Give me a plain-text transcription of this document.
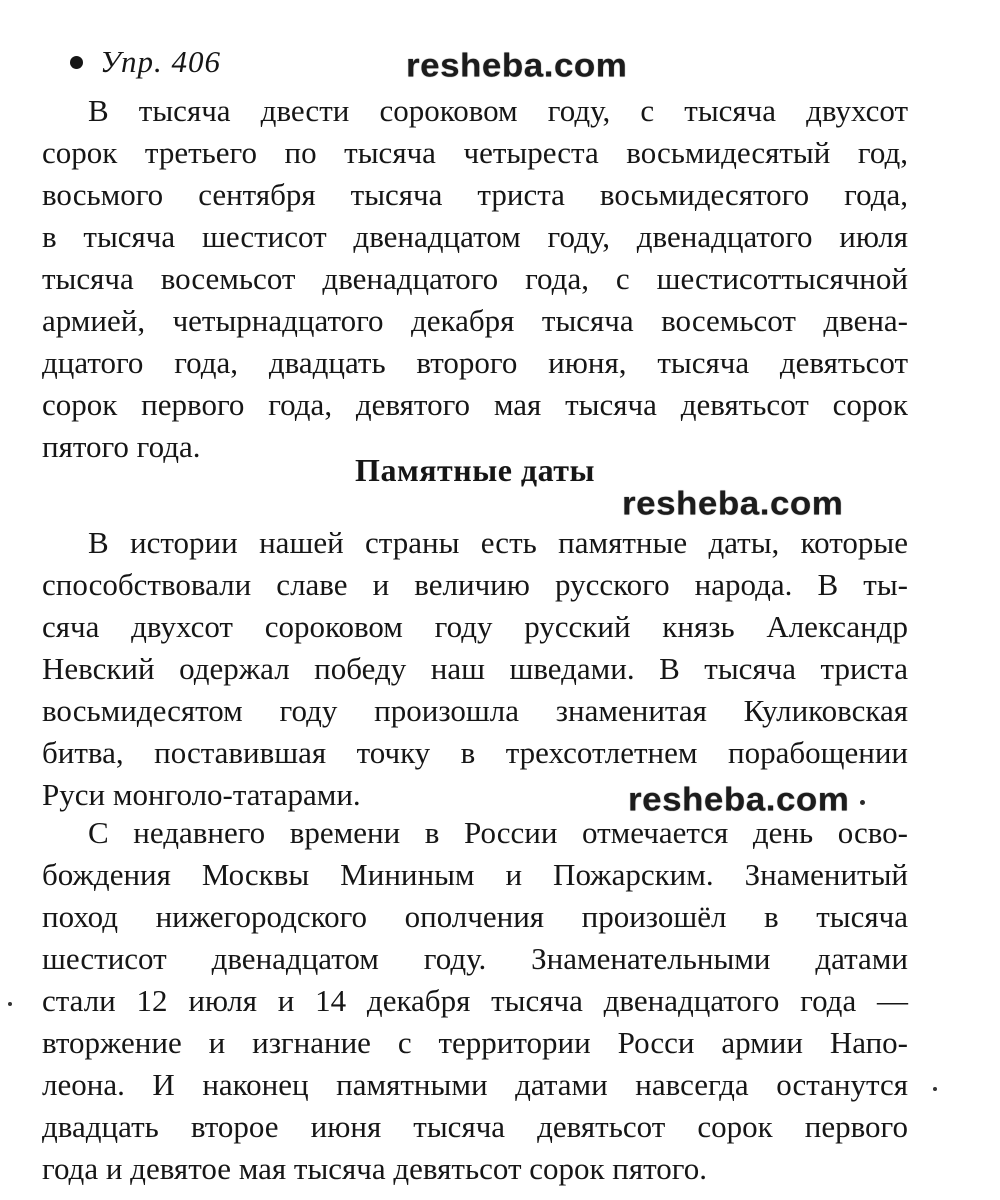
Упр. 406	resheba.com
В тысяча двести сороковом году, с тысяча двухсот
сорок третьего по тысяча четыреста восьмидесятый год,
восьмого сентября тысяча триста восьмидесятого года,
в тысяча шестисот двенадцатом году, двенадцатого июля
тысяча восемьсот двенадцатого года, с шестисоттысячной
армией, четырнадцатого декабря тысяча восемьсот двена-
дцатого года, двадцать второго июня, тысяча девятьсот
сорок первого года, девятого мая тысяча девятьсот сорок
пятого года.
Памятные даты
resheba.com
В истории нашей страны есть памятные даты, которые
способствовали славе и величию русского народа. В ты-
сяча двухсот сороковом году русский князь Александр
Невский одержал победу наш шведами. В тысяча триста
восьмидесятом году произошла знаменитая Куликовская
битва, поставившая точку в трехсотлетнем порабощении
Руси монголо-татарами.	resheba.com
С недавнего времени в России отмечается день осво-
бождения Москвы Мининым и Пожарским. Знаменитый
поход нижегородского ополчения произошёл в тысяча
шестисот двенадцатом году. Знаменательными датами
стали 12 июля и 14 декабря тысяча двенадцатого года —
вторжение и изгнание с территории Росси армии Напо-
леона. И наконец памятными датами навсегда останутся
двадцать второе июня тысяча девятьсот сорок первого
года и девятое мая тысяча девятьсот сорок пятого.
